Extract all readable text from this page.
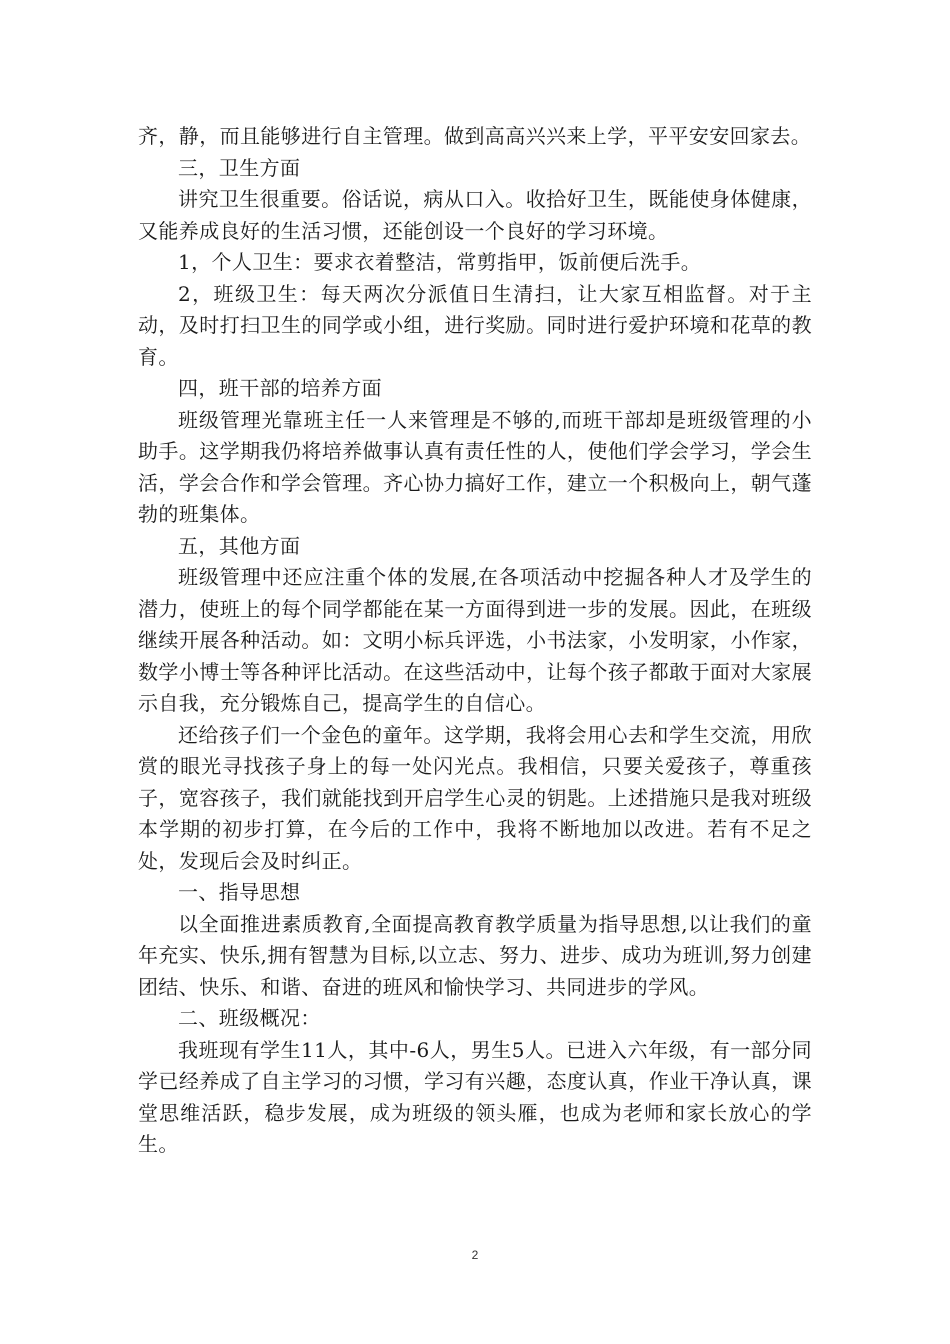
齐，静，而且能够进行自主管理。做到高高兴兴来上学，平平安安回家去。

三，卫生方面

讲究卫生很重要。俗话说，病从口入。收拾好卫生，既能使身体健康，又能养成良好的生活习惯，还能创设一个良好的学习环境。

1，个人卫生：要求衣着整洁，常剪指甲，饭前便后洗手。

2，班级卫生：每天两次分派值日生清扫，让大家互相监督。对于主动，及时打扫卫生的同学或小组，进行奖励。同时进行爱护环境和花草的教育。

四，班干部的培养方面

班级管理光靠班主任一人来管理是不够的,而班干部却是班级管理的小助手。这学期我仍将培养做事认真有责任性的人，使他们学会学习，学会生活，学会合作和学会管理。齐心协力搞好工作，建立一个积极向上，朝气蓬勃的班集体。

五，其他方面

班级管理中还应注重个体的发展,在各项活动中挖掘各种人才及学生的潜力，使班上的每个同学都能在某一方面得到进一步的发展。因此，在班级继续开展各种活动。如：文明小标兵评选，小书法家，小发明家，小作家，数学小博士等各种评比活动。在这些活动中，让每个孩子都敢于面对大家展示自我，充分锻炼自己，提高学生的自信心。

还给孩子们一个金色的童年。这学期，我将会用心去和学生交流，用欣赏的眼光寻找孩子身上的每一处闪光点。我相信，只要关爱孩子，尊重孩子，宽容孩子，我们就能找到开启学生心灵的钥匙。上述措施只是我对班级本学期的初步打算，在今后的工作中，我将不断地加以改进。若有不足之处，发现后会及时纠正。

一、指导思想

以全面推进素质教育,全面提高教育教学质量为指导思想,以让我们的童年充实、快乐,拥有智慧为目标,以立志、努力、进步、成功为班训,努力创建团结、快乐、和谐、奋进的班风和愉快学习、共同进步的学风。

二、班级概况：

我班现有学生11人，其中-6人，男生5人。已进入六年级，有一部分同学已经养成了自主学习的习惯，学习有兴趣，态度认真，作业干净认真，课堂思维活跃，稳步发展，成为班级的领头雁，也成为老师和家长放心的学生。

2
